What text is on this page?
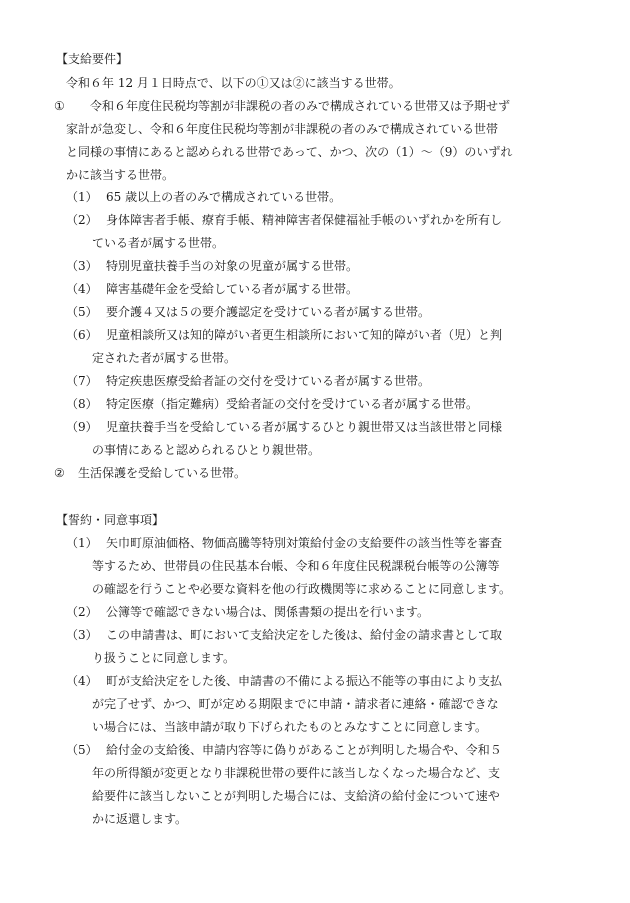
【支給要件】
令和６年 12 月１日時点で、以下の①又は②に該当する世帯。
① 令和６年度住民税均等割が非課税の者のみで構成されている世帯又は予期せず
家計が急変し、令和６年度住民税均等割が非課税の者のみで構成されている世帯
と同様の事情にあると認められる世帯であって、かつ、次の（1）～（9）のいずれ
かに該当する世帯。
（1） 65 歳以上の者のみで構成されている世帯。
（2） 身体障害者手帳、療育手帳、精神障害者保健福祉手帳のいずれかを所有し
ている者が属する世帯。
（3） 特別児童扶養手当の対象の児童が属する世帯。
（4） 障害基礎年金を受給している者が属する世帯。
（5） 要介護４又は５の要介護認定を受けている者が属する世帯。
（6） 児童相談所又は知的障がい者更生相談所において知的障がい者（児）と判
定された者が属する世帯。
（7） 特定疾患医療受給者証の交付を受けている者が属する世帯。
（8） 特定医療（指定難病）受給者証の交付を受けている者が属する世帯。
（9） 児童扶養手当を受給している者が属するひとり親世帯又は当該世帯と同様
の事情にあると認められるひとり親世帯。
② 生活保護を受給している世帯。
【誓約・同意事項】
（1） 矢巾町原油価格、物価高騰等特別対策給付金の支給要件の該当性等を審査
等するため、世帯員の住民基本台帳、令和６年度住民税課税台帳等の公簿等
の確認を行うことや必要な資料を他の行政機関等に求めることに同意します。
（2） 公簿等で確認できない場合は、関係書類の提出を行います。
（3） この申請書は、町において支給決定をした後は、給付金の請求書として取
り扱うことに同意します。
（4） 町が支給決定をした後、申請書の不備による振込不能等の事由により支払
が完了せず、かつ、町が定める期限までに申請・請求者に連絡・確認できな
い場合には、当該申請が取り下げられたものとみなすことに同意します。
（5） 給付金の支給後、申請内容等に偽りがあることが判明した場合や、令和５
年の所得額が変更となり非課税世帯の要件に該当しなくなった場合など、支
給要件に該当しないことが判明した場合には、支給済の給付金について速や
かに返還します。
